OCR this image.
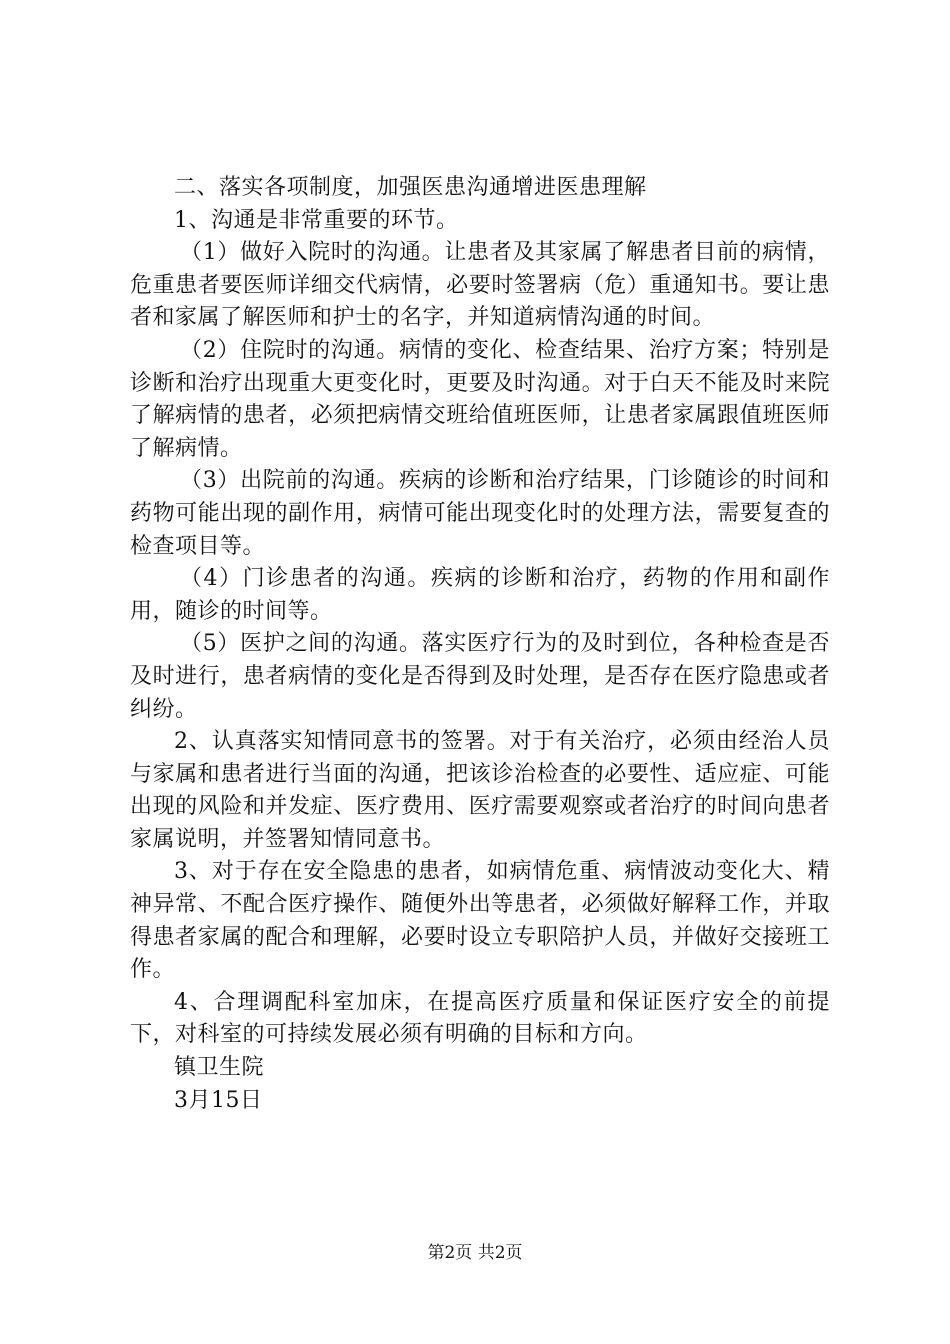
二、落实各项制度，加强医患沟通增进医患理解

1、沟通是非常重要的环节。

（1）做好入院时的沟通。让患者及其家属了解患者目前的病情，危重患者要医师详细交代病情，必要时签署病（危）重通知书。要让患者和家属了解医师和护士的名字，并知道病情沟通的时间。

（2）住院时的沟通。病情的变化、检查结果、治疗方案；特别是诊断和治疗出现重大更变化时，更要及时沟通。对于白天不能及时来院了解病情的患者，必须把病情交班给值班医师，让患者家属跟值班医师了解病情。

（3）出院前的沟通。疾病的诊断和治疗结果，门诊随诊的时间和药物可能出现的副作用，病情可能出现变化时的处理方法，需要复查的检查项目等。

（4）门诊患者的沟通。疾病的诊断和治疗，药物的作用和副作用，随诊的时间等。

（5）医护之间的沟通。落实医疗行为的及时到位，各种检查是否及时进行，患者病情的变化是否得到及时处理，是否存在医疗隐患或者纠纷。

2、认真落实知情同意书的签署。对于有关治疗，必须由经治人员与家属和患者进行当面的沟通，把该诊治检查的必要性、适应症、可能出现的风险和并发症、医疗费用、医疗需要观察或者治疗的时间向患者家属说明，并签署知情同意书。

3、对于存在安全隐患的患者，如病情危重、病情波动变化大、精神异常、不配合医疗操作、随便外出等患者，必须做好解释工作，并取得患者家属的配合和理解，必要时设立专职陪护人员，并做好交接班工作。

4、合理调配科室加床，在提高医疗质量和保证医疗安全的前提下，对科室的可持续发展必须有明确的目标和方向。

镇卫生院

3月15日

第2页 共2页
